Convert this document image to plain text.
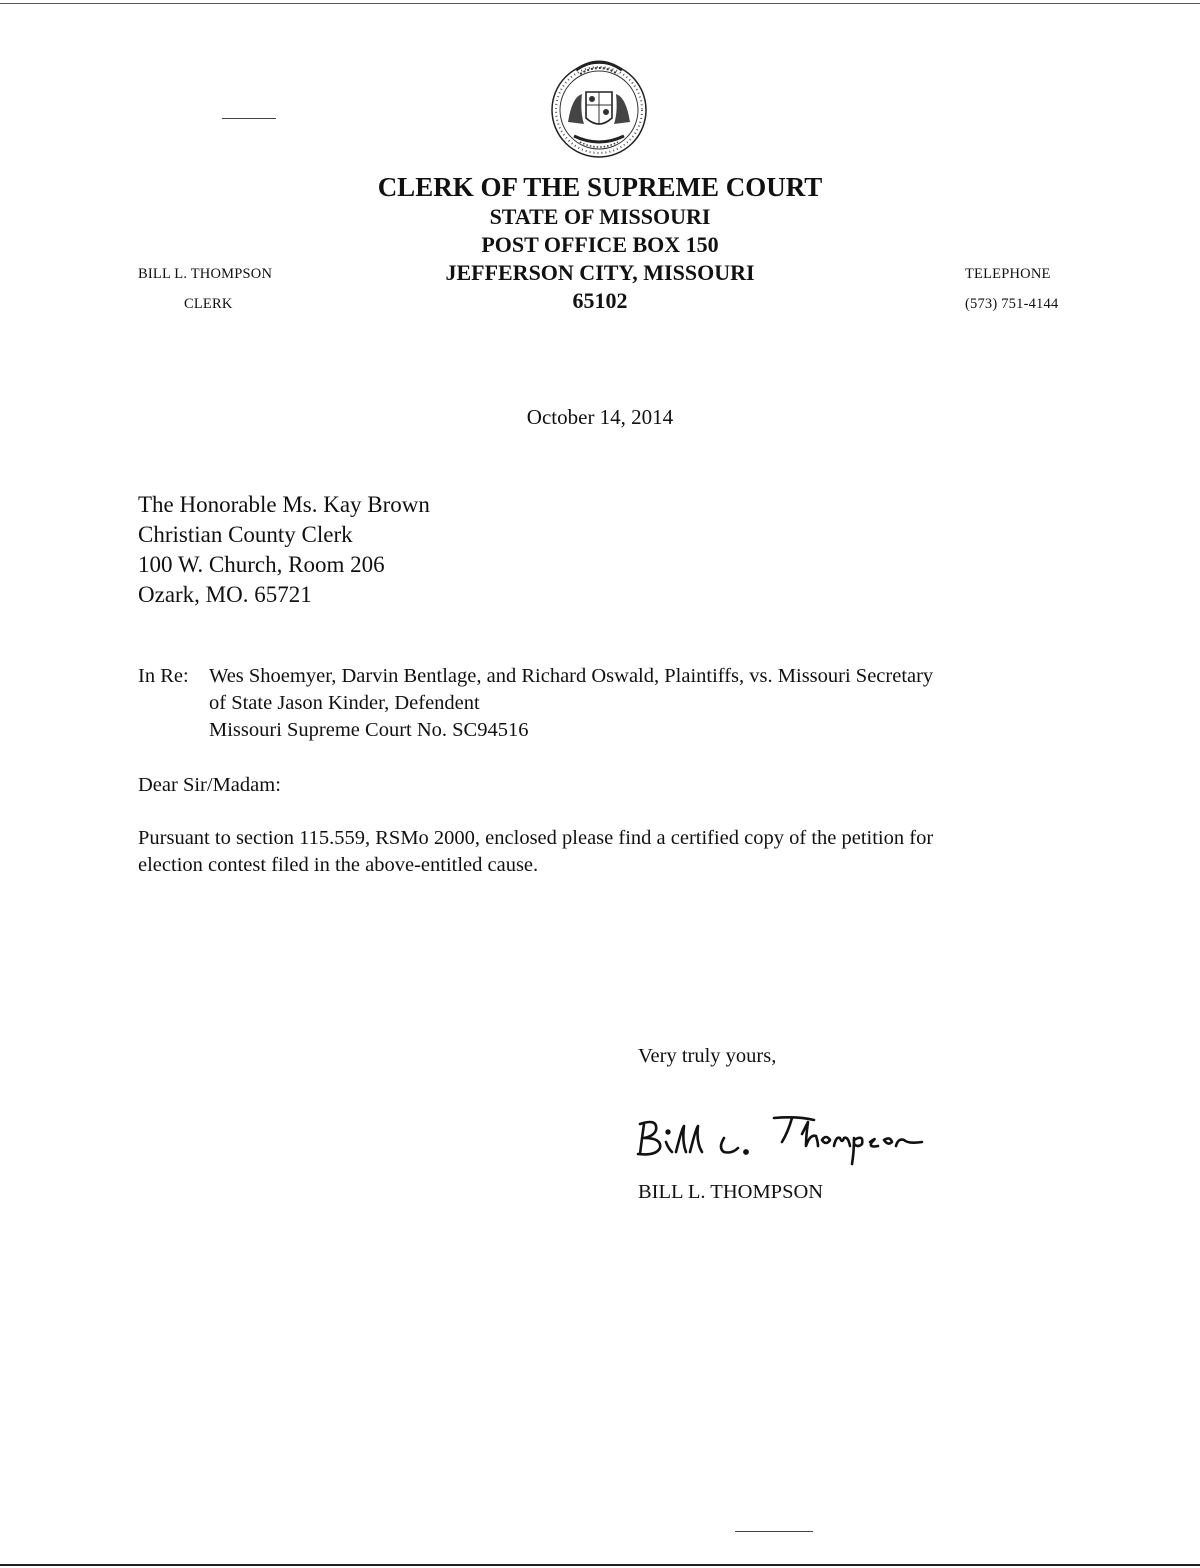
CLERK OF THE SUPREME COURT
STATE OF MISSOURI
POST OFFICE BOX 150
JEFFERSON CITY, MISSOURI
65102
BILL L. THOMPSON
CLERK
TELEPHONE
(573) 751-4144
October 14, 2014
The Honorable Ms. Kay Brown
Christian County Clerk
100 W. Church, Room 206
Ozark, MO. 65721
In Re: Wes Shoemyer, Darvin Bentlage, and Richard Oswald, Plaintiffs, vs. Missouri Secretary
of State Jason Kinder, Defendent
Missouri Supreme Court No. SC94516
Dear Sir/Madam:
Pursuant to section 115.559, RSMo 2000, enclosed please find a certified copy of the petition for
election contest filed in the above-entitled cause.
Very truly yours,
BILL L. THOMPSON
